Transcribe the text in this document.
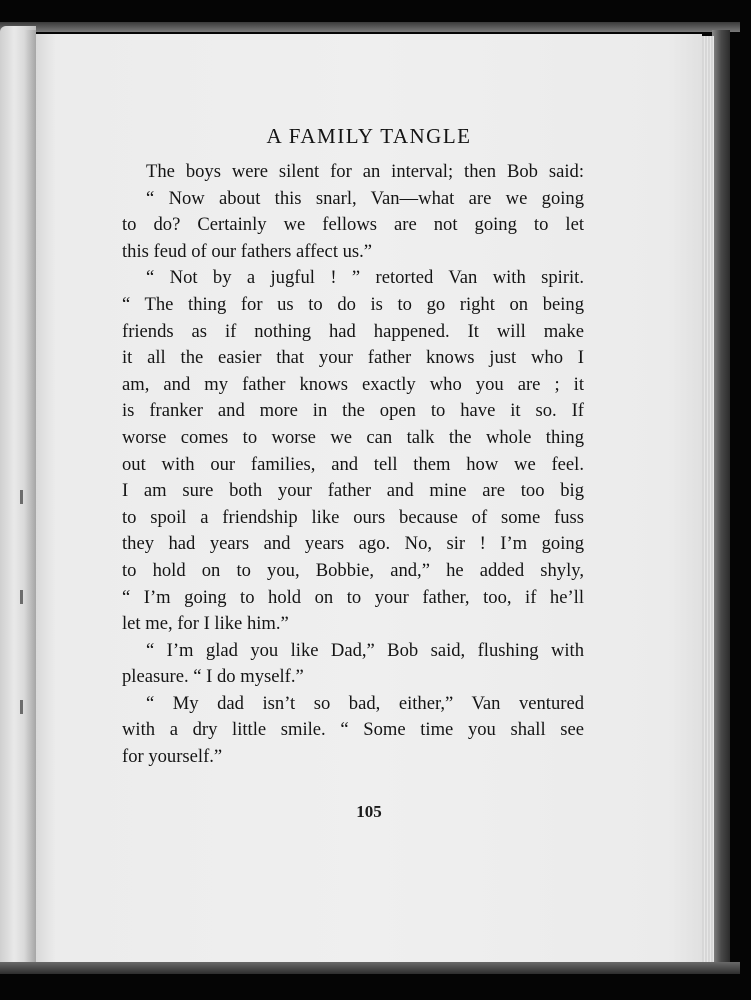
A FAMILY TANGLE
The boys were silent for an interval; then Bob said:
“ Now about this snarl, Van—what are we going
to do? Certainly we fellows are not going to let
this feud of our fathers affect us.”
“ Not by a jugful ! ” retorted Van with spirit.
“ The thing for us to do is to go right on being
friends as if nothing had happened. It will make
it all the easier that your father knows just who I
am, and my father knows exactly who you are ; it
is franker and more in the open to have it so. If
worse comes to worse we can talk the whole thing
out with our families, and tell them how we feel.
I am sure both your father and mine are too big
to spoil a friendship like ours because of some fuss
they had years and years ago. No, sir ! I’m going
to hold on to you, Bobbie, and,” he added shyly,
“ I’m going to hold on to your father, too, if he’ll
let me, for I like him.”
“ I’m glad you like Dad,” Bob said, flushing with
pleasure. “ I do myself.”
“ My dad isn’t so bad, either,” Van ventured
with a dry little smile. “ Some time you shall see
for yourself.”
105
